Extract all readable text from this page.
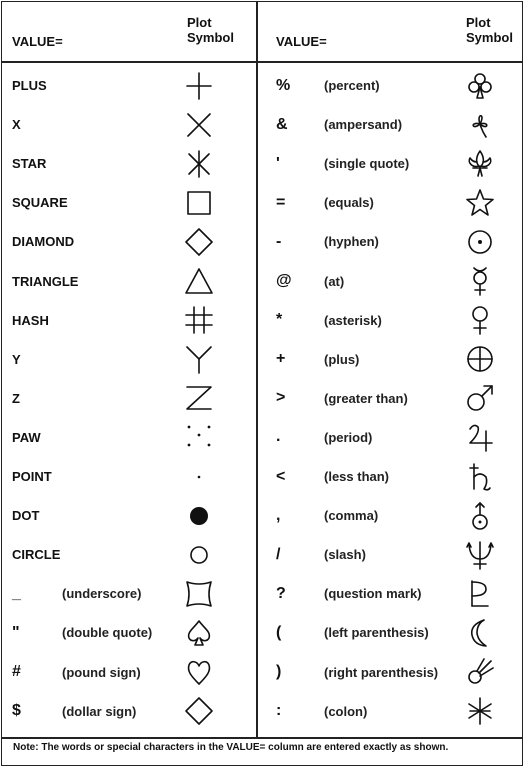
VALUE=
Plot
Symbol	VALUE=
Plot
Symbol
PLUS
X
STAR
SQUARE
DIAMOND
TRIANGLE
HASH
Y
Z
PAW
POINT
DOT
CIRCLE
_	(underscore)
"	(double quote)
#	(pound sign)
$	(dollar sign)
%	(percent)
&	(ampersand)
'	(single quote)
=	(equals)
-	(hyphen)
@ (at)
*	(asterisk)
+	(plus)
>	(greater than)
.	(period)
<	(less than)
,	(comma)
/	(slash)
?	(question mark)
(	(left parenthesis)
)	(right parenthesis)
:	(colon)
Note: The words or special characters in the VALUE= column are entered exactly as shown.
